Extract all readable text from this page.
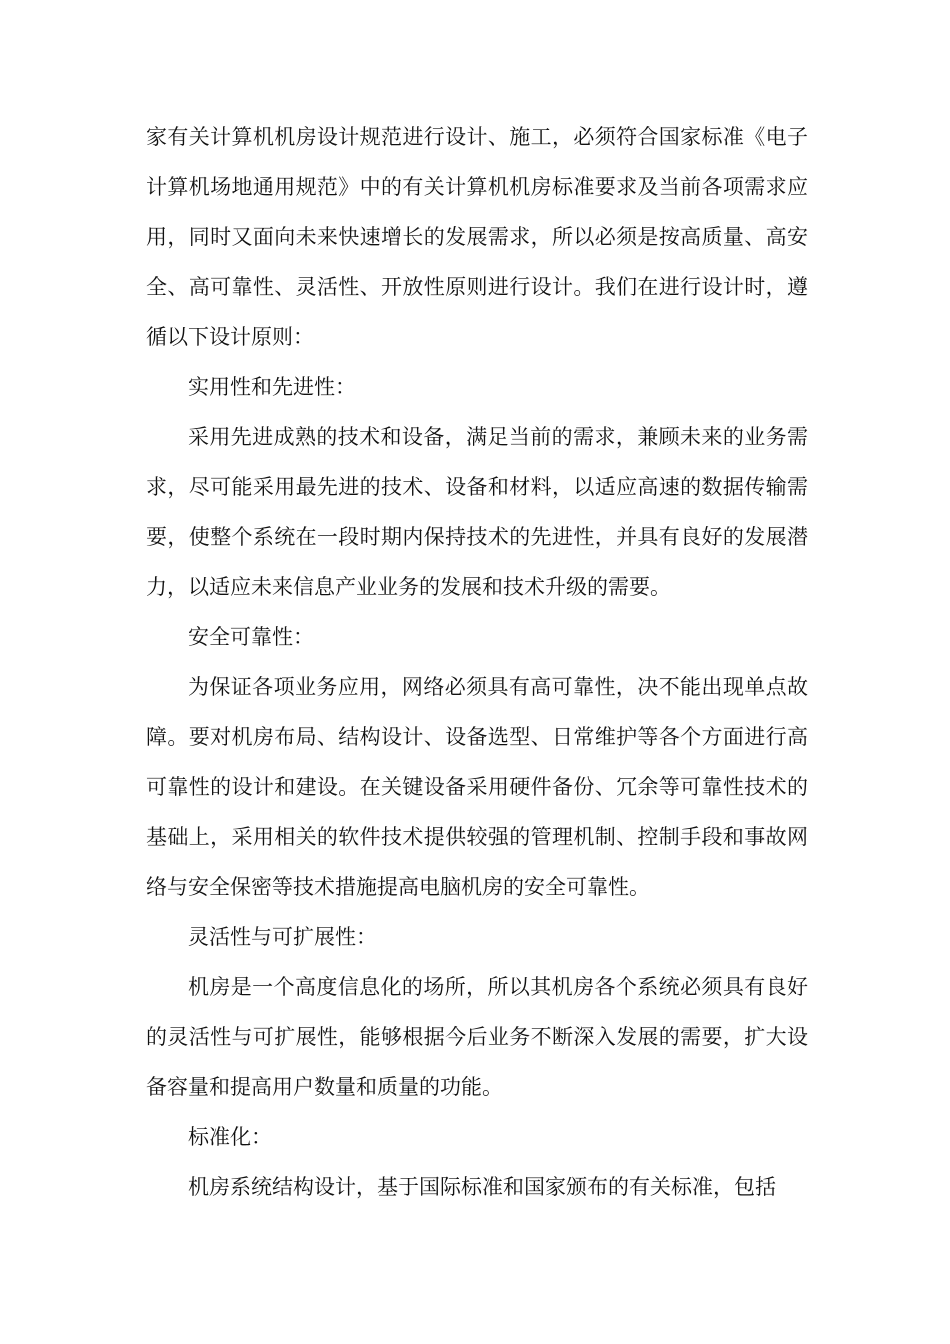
家有关计算机机房设计规范进行设计、施工，必须符合国家标准《电子计算机场地通用规范》中的有关计算机机房标准要求及当前各项需求应用，同时又面向未来快速增长的发展需求，所以必须是按高质量、高安全、高可靠性、灵活性、开放性原则进行设计。我们在进行设计时，遵循以下设计原则：

实用性和先进性：

采用先进成熟的技术和设备，满足当前的需求，兼顾未来的业务需求，尽可能采用最先进的技术、设备和材料，以适应高速的数据传输需要，使整个系统在一段时期内保持技术的先进性，并具有良好的发展潜力，以适应未来信息产业业务的发展和技术升级的需要。

安全可靠性：

为保证各项业务应用，网络必须具有高可靠性，决不能出现单点故障。要对机房布局、结构设计、设备选型、日常维护等各个方面进行高可靠性的设计和建设。在关键设备采用硬件备份、冗余等可靠性技术的基础上，采用相关的软件技术提供较强的管理机制、控制手段和事故网络与安全保密等技术措施提高电脑机房的安全可靠性。

灵活性与可扩展性：

机房是一个高度信息化的场所，所以其机房各个系统必须具有良好的灵活性与可扩展性，能够根据今后业务不断深入发展的需要，扩大设备容量和提高用户数量和质量的功能。

标准化：

机房系统结构设计，基于国际标准和国家颁布的有关标准，包括
